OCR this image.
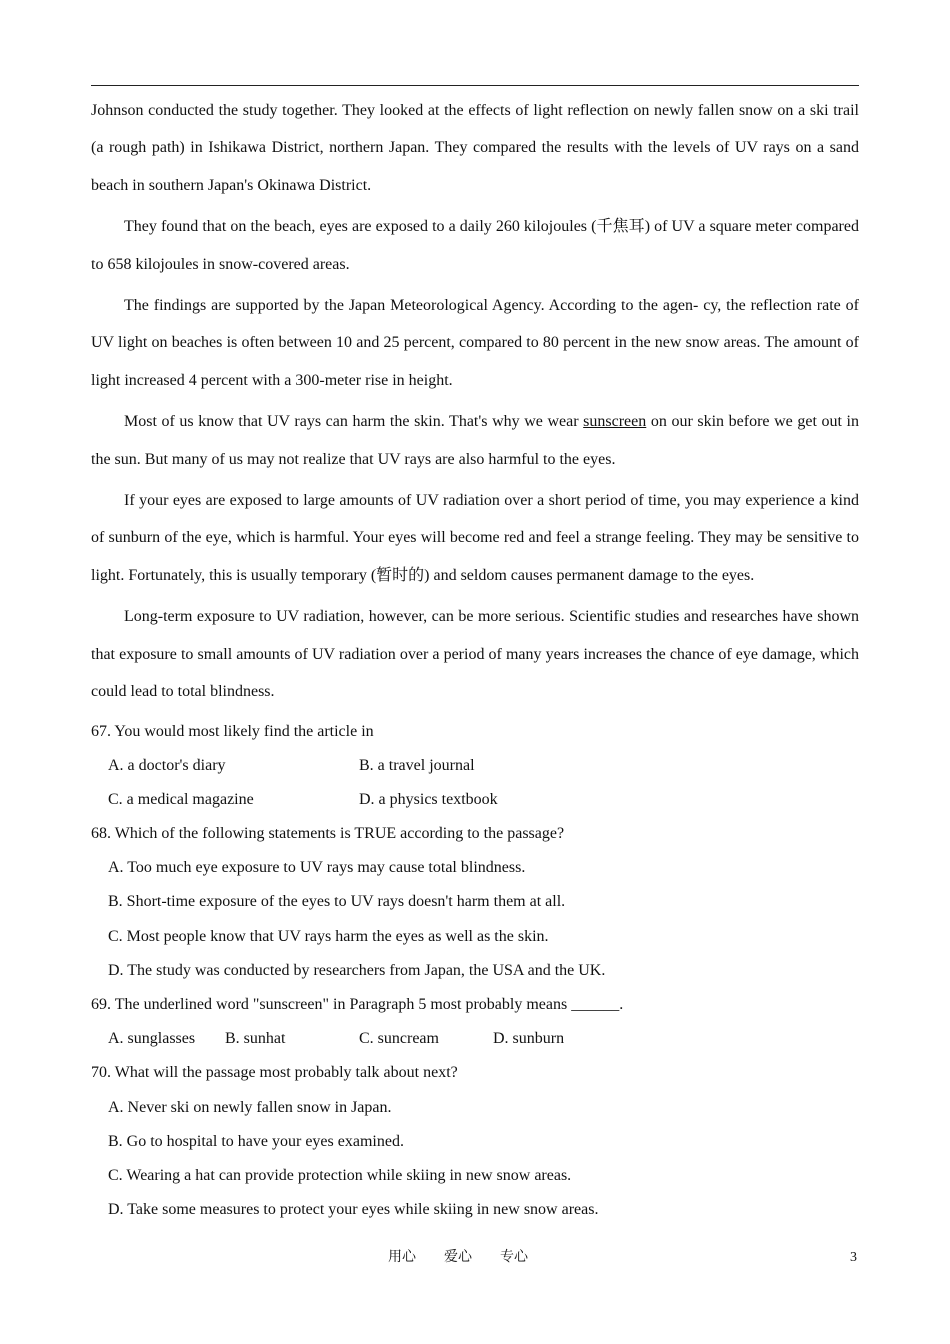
Johnson conducted the study together. They looked at the effects of light reflection on newly fallen snow on a ski trail (a rough path) in Ishikawa District, northern Japan. They compared the results with the levels of UV rays on a sand beach in southern Japan's Okinawa District.

They found that on the beach, eyes are exposed to a daily 260 kilojoules (千焦耳) of UV a square meter compared to 658 kilojoules in snow-covered areas.

The findings are supported by the Japan Meteorological Agency. According to the agen- cy, the reflection rate of UV light on beaches is often between 10 and 25 percent, compared to 80 percent in the new snow areas. The amount of light increased 4 percent with a 300-meter rise in height.

Most of us know that UV rays can harm the skin. That's why we wear sunscreen on our skin before we get out in the sun. But many of us may not realize that UV rays are also harmful to the eyes.

If your eyes are exposed to large amounts of UV radiation over a short period of time, you may experience a kind of sunburn of the eye, which is harmful. Your eyes will become red and feel a strange feeling. They may be sensitive to light. Fortunately, this is usually temporary (暂时的) and seldom causes permanent damage to the eyes.

Long-term exposure to UV radiation, however, can be more serious. Scientific studies and researches have shown that exposure to small amounts of UV radiation over a period of many years increases the chance of eye damage, which could lead to total blindness.

67. You would most likely find the article in
A. a doctor's diary	B. a travel journal
C. a medical magazine	D. a physics textbook
68. Which of the following statements is TRUE according to the passage?
A. Too much eye exposure to UV rays may cause total blindness.
B. Short-time exposure of the eyes to UV rays doesn't harm them at all.
C. Most people know that UV rays harm the eyes as well as the skin.
D. The study was conducted by researchers from Japan, the USA and the UK.
69. The underlined word "sunscreen" in Paragraph 5 most probably means ______.
A. sunglasses B. sunhat	C. suncream	D. sunburn
70. What will the passage most probably talk about next?
A. Never ski on newly fallen snow in Japan.
B. Go to hospital to have your eyes examined.
C. Wearing a hat can provide protection while skiing in new snow areas.
D. Take some measures to protect your eyes while skiing in new snow areas.
用心 爱心 专心	3
